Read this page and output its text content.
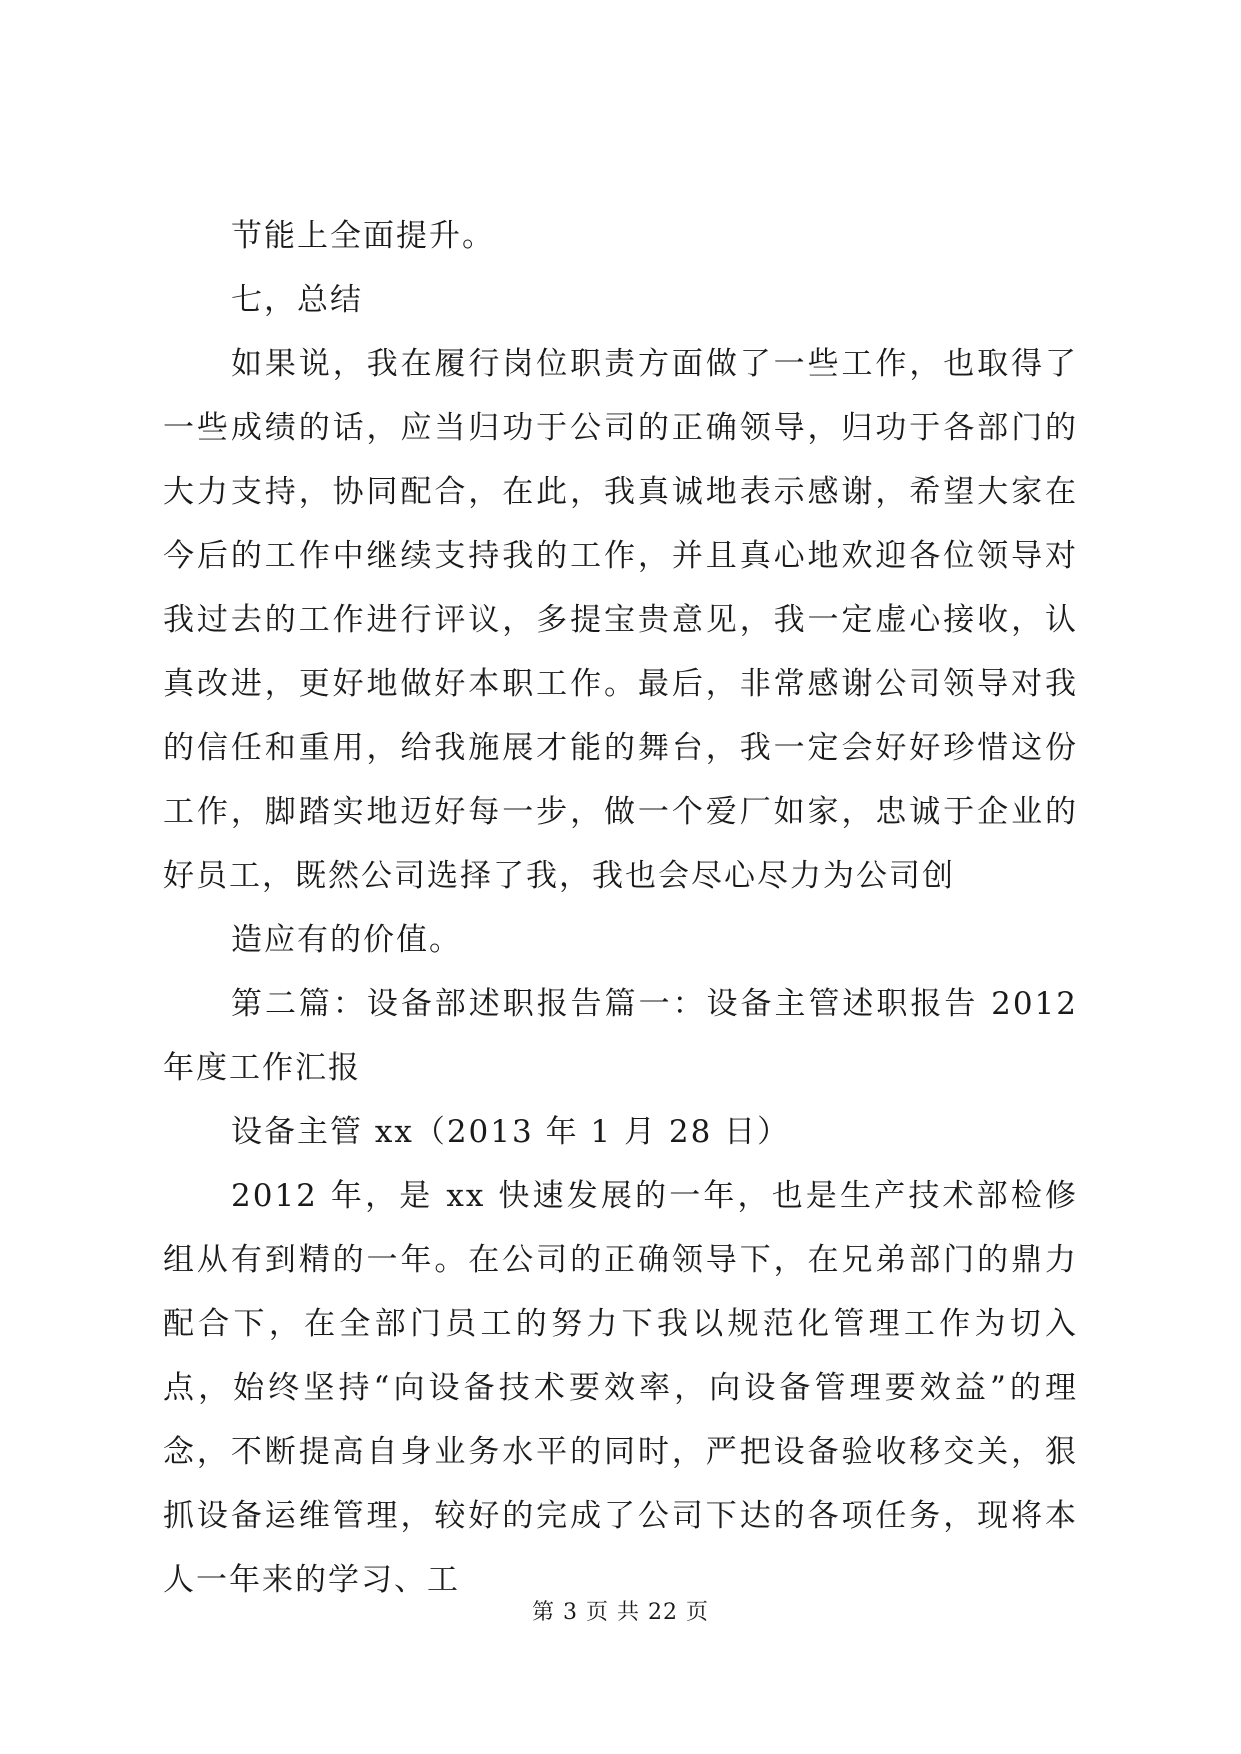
节能上全面提升。

七，总结

如果说，我在履行岗位职责方面做了一些工作，也取得了一些成绩的话，应当归功于公司的正确领导，归功于各部门的大力支持，协同配合，在此，我真诚地表示感谢，希望大家在今后的工作中继续支持我的工作，并且真心地欢迎各位领导对我过去的工作进行评议，多提宝贵意见，我一定虚心接收，认真改进，更好地做好本职工作。最后，非常感谢公司领导对我的信任和重用，给我施展才能的舞台，我一定会好好珍惜这份工作，脚踏实地迈好每一步，做一个爱厂如家，忠诚于企业的好员工，既然公司选择了我，我也会尽心尽力为公司创

造应有的价值。

第二篇：设备部述职报告篇一：设备主管述职报告 2012 年度工作汇报

设备主管 xx（2013 年 1 月 28 日）

2012 年，是 xx 快速发展的一年，也是生产技术部检修组从有到精的一年。在公司的正确领导下，在兄弟部门的鼎力配合下，在全部门员工的努力下我以规范化管理工作为切入点，始终坚持“向设备技术要效率，向设备管理要效益”的理念，不断提高自身业务水平的同时，严把设备验收移交关，狠抓设备运维管理，较好的完成了公司下达的各项任务，现将本人一年来的学习、工

第 3 页 共 22 页
